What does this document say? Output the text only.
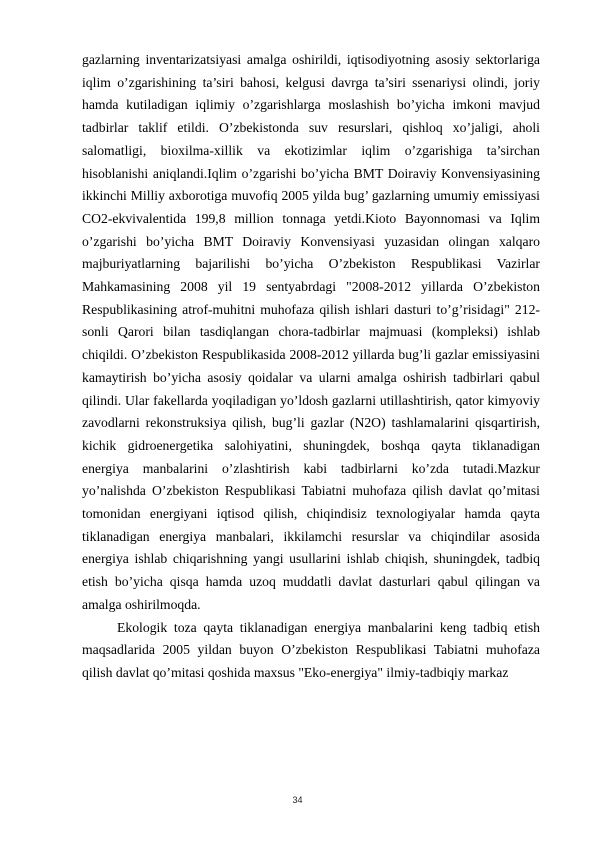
gazlarning inventarizatsiyasi amalga oshirildi, iqtisodiyotning asosiy sektorlariga iqlim o’zgarishining ta’siri bahosi, kelgusi davrga ta’siri ssenariysi olindi, joriy hamda kutiladigan iqlimiy o’zgarishlarga moslashish bo’yicha imkoni mavjud tadbirlar taklif etildi. O’zbekistonda suv resurslari, qishloq xo’jaligi, aholi salomatligi, bioxilma-xillik va ekotizimlar iqlim o’zgarishiga ta’sirchan hisoblanishi aniqlandi.Iqlim o’zgarishi bo’yicha BMT Doiraviy Konvensiyasining ikkinchi Milliy axborotiga muvofiq 2005 yilda bug’ gazlarning umumiy emissiyasi CO2-ekvivalentida 199,8 million tonnaga yetdi.Kioto Bayonnomasi va Iqlim o’zgarishi bo’yicha BMT Doiraviy Konvensiyasi yuzasidan olingan xalqaro majburiyatlarning bajarilishi bo’yicha O’zbekiston Respublikasi Vazirlar Mahkamasining 2008 yil 19 sentyabrdagi "2008-2012 yillarda O’zbekiston Respublikasining atrof-muhitni muhofaza qilish ishlari dasturi to’g’risidagi" 212-sonli Qarori bilan tasdiqlangan chora-tadbirlar majmuasi (kompleksi) ishlab chiqildi. O’zbekiston Respublikasida 2008-2012 yillarda bug’li gazlar emissiyasini kamaytirish bo’yicha asosiy qoidalar va ularni amalga oshirish tadbirlari qabul qilindi. Ular fakellarda yoqiladigan yo’ldosh gazlarni utillashtirish, qator kimyoviy zavodlarni rekonstruksiya qilish, bug’li gazlar (N2O) tashlamalarini qisqartirish, kichik gidroenergetika salohiyatini, shuningdek, boshqa qayta tiklanadigan energiya manbalarini o’zlashtirish kabi tadbirlarni ko’zda tutadi.Mazkur yo’nalishda O’zbekiston Respublikasi Tabiatni muhofaza qilish davlat qo’mitasi tomonidan energiyani iqtisod qilish, chiqindisiz texnologiyalar hamda qayta tiklanadigan energiya manbalari, ikkilamchi resurslar va chiqindilar asosida energiya ishlab chiqarishning yangi usullarini ishlab chiqish, shuningdek, tadbiq etish bo’yicha qisqa hamda uzoq muddatli davlat dasturlari qabul qilingan va amalga oshirilmoqda.

Ekologik toza qayta tiklanadigan energiya manbalarini keng tadbiq etish maqsadlarida 2005 yildan buyon O’zbekiston Respublikasi Tabiatni muhofaza qilish davlat qo’mitasi qoshida maxsus "Eko-energiya" ilmiy-tadbiqiy markaz

34
